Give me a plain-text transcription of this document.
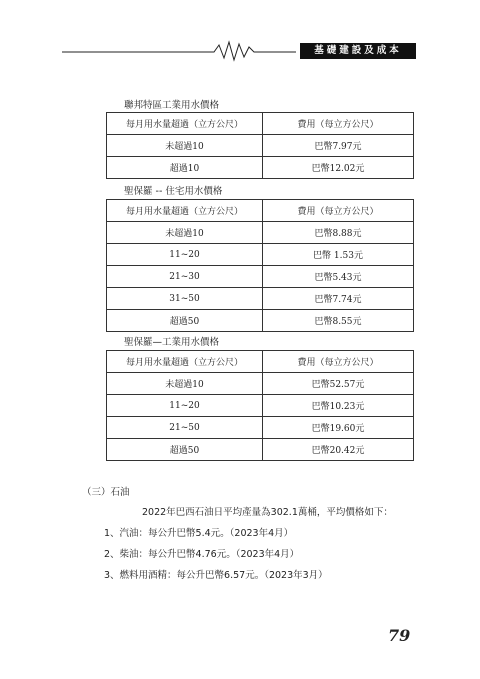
基礎建設及成本
聯邦特區工業用水價格
每月用水量超過（立方公尺）	費用（每立方公尺）
未超過10	巴幣7.97元
超過10	巴幣12.02元
聖保羅 -- 住宅用水價格
每月用水量超過（立方公尺）	費用（每立方公尺）
未超過10	巴幣8.88元
11~20	巴幣 1.53元
21~30	巴幣5.43元
31~50	巴幣7.74元
超過50	巴幣8.55元
聖保羅—工業用水價格
每月用水量超過（立方公尺）	費用（每立方公尺）
未超過10	巴幣52.57元
11~20	巴幣10.23元
21~50	巴幣19.60元
超過50	巴幣20.42元
（三）石油
2022年巴西石油日平均產量為302.1萬桶，平均價格如下：
1、汽油：每公升巴幣5.4元。（2023年4月）
2、柴油：每公升巴幣4.76元。（2023年4月）
3、燃料用酒精：每公升巴幣6.57元。（2023年3月）
79
